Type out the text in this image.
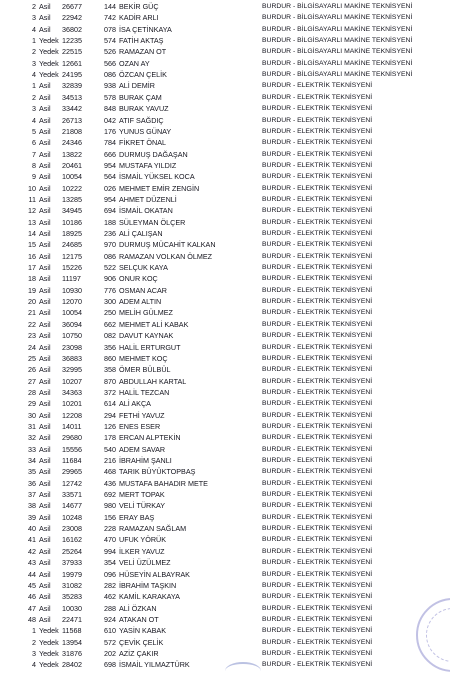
2 Asil 26677	144 BEKİR GÜÇ	BURDUR - BİLGİSAYARLI MAKİNE TEKNİSYENİ
3 Asil 22942	742 KADİR ARLI	BURDUR - BİLGİSAYARLI MAKİNE TEKNİSYENİ
4 Asil 36802	078 İSA ÇETİNKAYA	BURDUR - BİLGİSAYARLI MAKİNE TEKNİSYENİ
1 Yedek 12235	574 FATİH AKTAŞ	BURDUR - BİLGİSAYARLI MAKİNE TEKNİSYENİ
2 Yedek 22515	526 RAMAZAN OT	BURDUR - BİLGİSAYARLI MAKİNE TEKNİSYENİ
3 Yedek 12661	566 OZAN AY	BURDUR - BİLGİSAYARLI MAKİNE TEKNİSYENİ
4 Yedek 24195	086 ÖZCAN ÇELİK	BURDUR - BİLGİSAYARLI MAKİNE TEKNİSYENİ
1 Asil 32839	938 ALİ DEMİR	BURDUR - ELEKTRİK TEKNİSYENİ
2 Asil 34513	578 BURAK ÇAM	BURDUR - ELEKTRİK TEKNİSYENİ
3 Asil 33442	848 BURAK YAVUZ	BURDUR - ELEKTRİK TEKNİSYENİ
4 Asil 26713	042 ATIF SAĞDIÇ	BURDUR - ELEKTRİK TEKNİSYENİ
5 Asil 21808	176 YUNUS GÜNAY	BURDUR - ELEKTRİK TEKNİSYENİ
6 Asil 24346	784 FİKRET ÖNAL	BURDUR - ELEKTRİK TEKNİSYENİ
7 Asil 13822	666 DURMUŞ DAĞAŞAN	BURDUR - ELEKTRİK TEKNİSYENİ
8 Asil 20461	954 MUSTAFA YILDIZ	BURDUR - ELEKTRİK TEKNİSYENİ
9 Asil 10054	564 İSMAİL YÜKSEL KOCA	BURDUR - ELEKTRİK TEKNİSYENİ
10 Asil 10222	026 MEHMET EMİR ZENGİN	BURDUR - ELEKTRİK TEKNİSYENİ
11 Asil 13285	954 AHMET DÜZENLİ	BURDUR - ELEKTRİK TEKNİSYENİ
12 Asil 34945	694 İSMAİL OKATAN	BURDUR - ELEKTRİK TEKNİSYENİ
13 Asil 10186	188 SÜLEYMAN ÖLÇER	BURDUR - ELEKTRİK TEKNİSYENİ
14 Asil 18925	236 ALİ ÇALIŞAN	BURDUR - ELEKTRİK TEKNİSYENİ
15 Asil 24685	970 DURMUŞ MÜCAHİT KALKAN	BURDUR - ELEKTRİK TEKNİSYENİ
16 Asil 12175	086 RAMAZAN VOLKAN ÖLMEZ	BURDUR - ELEKTRİK TEKNİSYENİ
17 Asil 15226	522 SELÇUK KAYA	BURDUR - ELEKTRİK TEKNİSYENİ
18 Asil 11197	906 ONUR KOÇ	BURDUR - ELEKTRİK TEKNİSYENİ
19 Asil 10930	776 OSMAN ACAR	BURDUR - ELEKTRİK TEKNİSYENİ
20 Asil 12070	300 ADEM ALTIN	BURDUR - ELEKTRİK TEKNİSYENİ
21 Asil 10054	250 MELİH GÜLMEZ	BURDUR - ELEKTRİK TEKNİSYENİ
22 Asil 36094	662 MEHMET ALİ KABAK	BURDUR - ELEKTRİK TEKNİSYENİ
23 Asil 10750	082 DAVUT KAYNAK	BURDUR - ELEKTRİK TEKNİSYENİ
24 Asil 23098	356 HALİL ERTURGUT	BURDUR - ELEKTRİK TEKNİSYENİ
25 Asil 36883	860 MEHMET KOÇ	BURDUR - ELEKTRİK TEKNİSYENİ
26 Asil 32995	358 ÖMER BÜLBÜL	BURDUR - ELEKTRİK TEKNİSYENİ
27 Asil 10207	870 ABDULLAH KARTAL	BURDUR - ELEKTRİK TEKNİSYENİ
28 Asil 34363	372 HALİL TEZCAN	BURDUR - ELEKTRİK TEKNİSYENİ
29 Asil 10201	614 ALİ AKÇA	BURDUR - ELEKTRİK TEKNİSYENİ
30 Asil 12208	294 FETHİ YAVUZ	BURDUR - ELEKTRİK TEKNİSYENİ
31 Asil 14011	126 ENES ESER	BURDUR - ELEKTRİK TEKNİSYENİ
32 Asil 29680	178 ERCAN ALPTEKİN	BURDUR - ELEKTRİK TEKNİSYENİ
33 Asil 15556	540 ADEM SAVAR	BURDUR - ELEKTRİK TEKNİSYENİ
34 Asil 11684	216 İBRAHİM ŞANLI	BURDUR - ELEKTRİK TEKNİSYENİ
35 Asil 29965	468 TARIK BÜYÜKTOPBAŞ	BURDUR - ELEKTRİK TEKNİSYENİ
36 Asil 12742	436 MUSTAFA BAHADIR METE	BURDUR - ELEKTRİK TEKNİSYENİ
37 Asil 33571	692 MERT TOPAK	BURDUR - ELEKTRİK TEKNİSYENİ
38 Asil 14677	980 VELİ TÜRKAY	BURDUR - ELEKTRİK TEKNİSYENİ
39 Asil 10248	156 ERAY BAŞ	BURDUR - ELEKTRİK TEKNİSYENİ
40 Asil 23008	228 RAMAZAN SAĞLAM	BURDUR - ELEKTRİK TEKNİSYENİ
41 Asil 16162	470 UFUK YÖRÜK	BURDUR - ELEKTRİK TEKNİSYENİ
42 Asil 25264	994 İLKER YAVUZ	BURDUR - ELEKTRİK TEKNİSYENİ
43 Asil 37933	354 VELİ ÜZÜLMEZ	BURDUR - ELEKTRİK TEKNİSYENİ
44 Asil 19979	096 HÜSEYİN ALBAYRAK	BURDUR - ELEKTRİK TEKNİSYENİ
45 Asil 31082	282 İBRAHİM TAŞKIN	BURDUR - ELEKTRİK TEKNİSYENİ
46 Asil 35283	462 KAMİL KARAKAYA	BURDUR - ELEKTRİK TEKNİSYENİ
47 Asil 10030	288 ALİ ÖZKAN	BURDUR - ELEKTRİK TEKNİSYENİ
48 Asil 22471	924 ATAKAN OT	BURDUR - ELEKTRİK TEKNİSYENİ
1 Yedek 11568	610 YASİN KABAK	BURDUR - ELEKTRİK TEKNİSYENİ
2 Yedek 13954	572 ÇEVİK ÇELİK	BURDUR - ELEKTRİK TEKNİSYENİ
3 Yedek 31876	202 AZİZ ÇAKIR	BURDUR - ELEKTRİK TEKNİSYENİ
4 Yedek 28402	698 İSMAİL YILMAZTÜRK	BURDUR - ELEKTRİK TEKNİSYENİ
